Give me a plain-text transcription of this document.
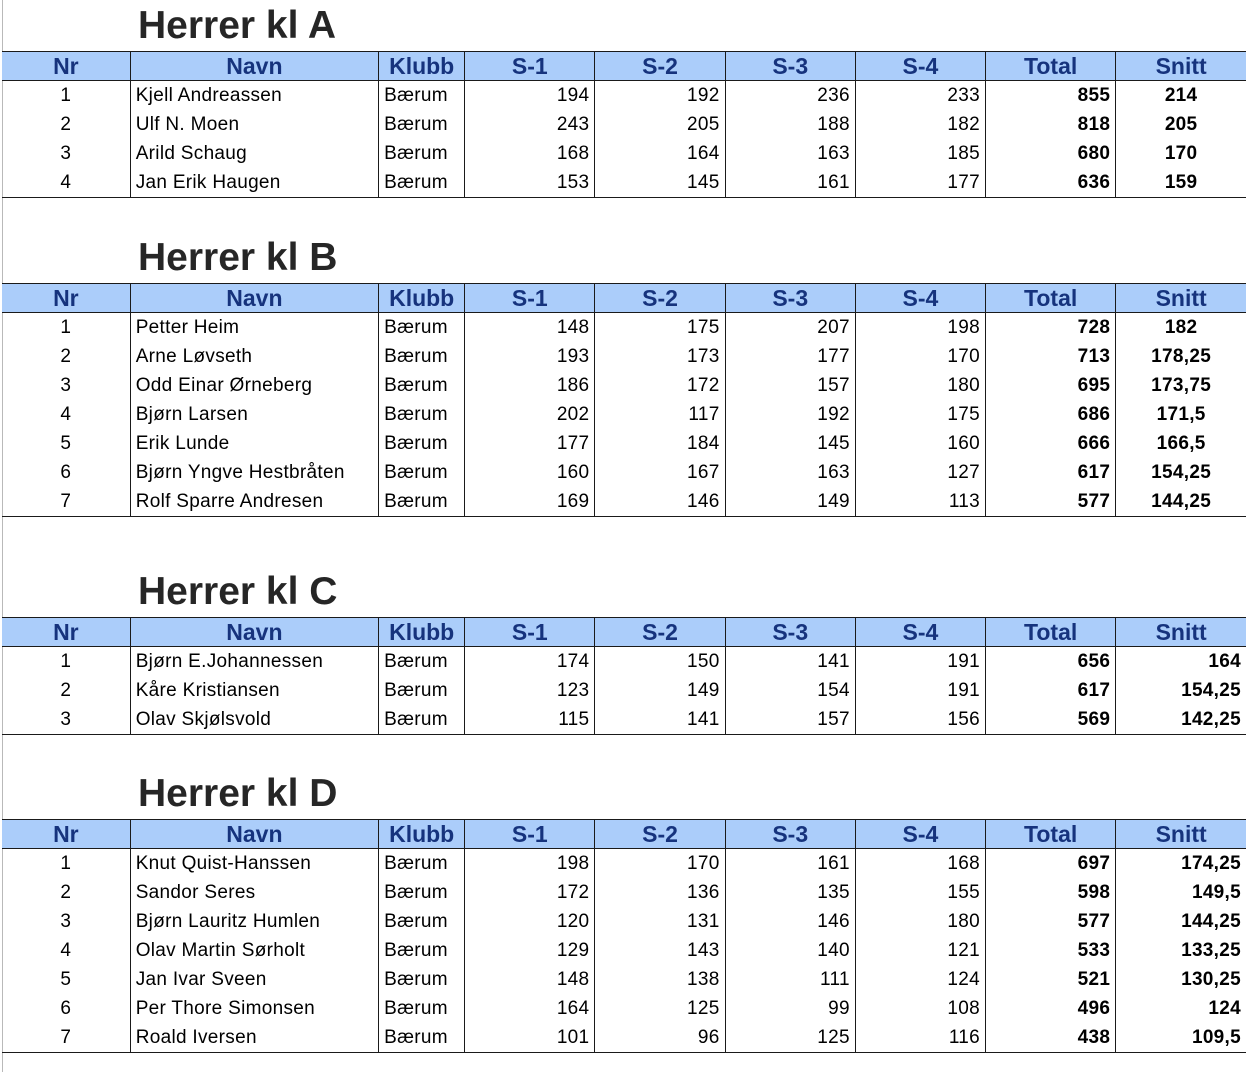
Herrer kl A
Nr	Navn	Klubb	S-1	S-2	S-3	S-4	Total	Snitt
1	Kjell Andreassen	Bærum	194	192	236	233	855	214
2	Ulf N. Moen	Bærum	243	205	188	182	818	205
3	Arild Schaug	Bærum	168	164	163	185	680	170
4	Jan Erik Haugen	Bærum	153	145	161	177	636	159
Herrer kl B
Nr	Navn	Klubb	S-1	S-2	S-3	S-4	Total	Snitt
1	Petter Heim	Bærum	148	175	207	198	728	182
2	Arne Løvseth	Bærum	193	173	177	170	713	178,25
3	Odd Einar Ørneberg	Bærum	186	172	157	180	695	173,75
4	Bjørn Larsen	Bærum	202	117	192	175	686	171,5
5	Erik Lunde	Bærum	177	184	145	160	666	166,5
6	Bjørn Yngve Hestbråten	Bærum	160	167	163	127	617	154,25
7	Rolf Sparre Andresen	Bærum	169	146	149	113	577	144,25
Herrer kl C
Nr	Navn	Klubb	S-1	S-2	S-3	S-4	Total	Snitt
1	Bjørn E.Johannessen	Bærum	174	150	141	191	656	164
2	Kåre Kristiansen	Bærum	123	149	154	191	617	154,25
3	Olav Skjølsvold	Bærum	115	141	157	156	569	142,25
Herrer kl D
Nr	Navn	Klubb	S-1	S-2	S-3	S-4	Total	Snitt
1	Knut Quist-Hanssen	Bærum	198	170	161	168	697	174,25
2	Sandor Seres	Bærum	172	136	135	155	598	149,5
3	Bjørn Lauritz Humlen	Bærum	120	131	146	180	577	144,25
4	Olav Martin Sørholt	Bærum	129	143	140	121	533	133,25
5	Jan Ivar Sveen	Bærum	148	138	111	124	521	130,25
6	Per Thore Simonsen	Bærum	164	125	99	108	496	124
7	Roald Iversen	Bærum	101	96	125	116	438	109,5
